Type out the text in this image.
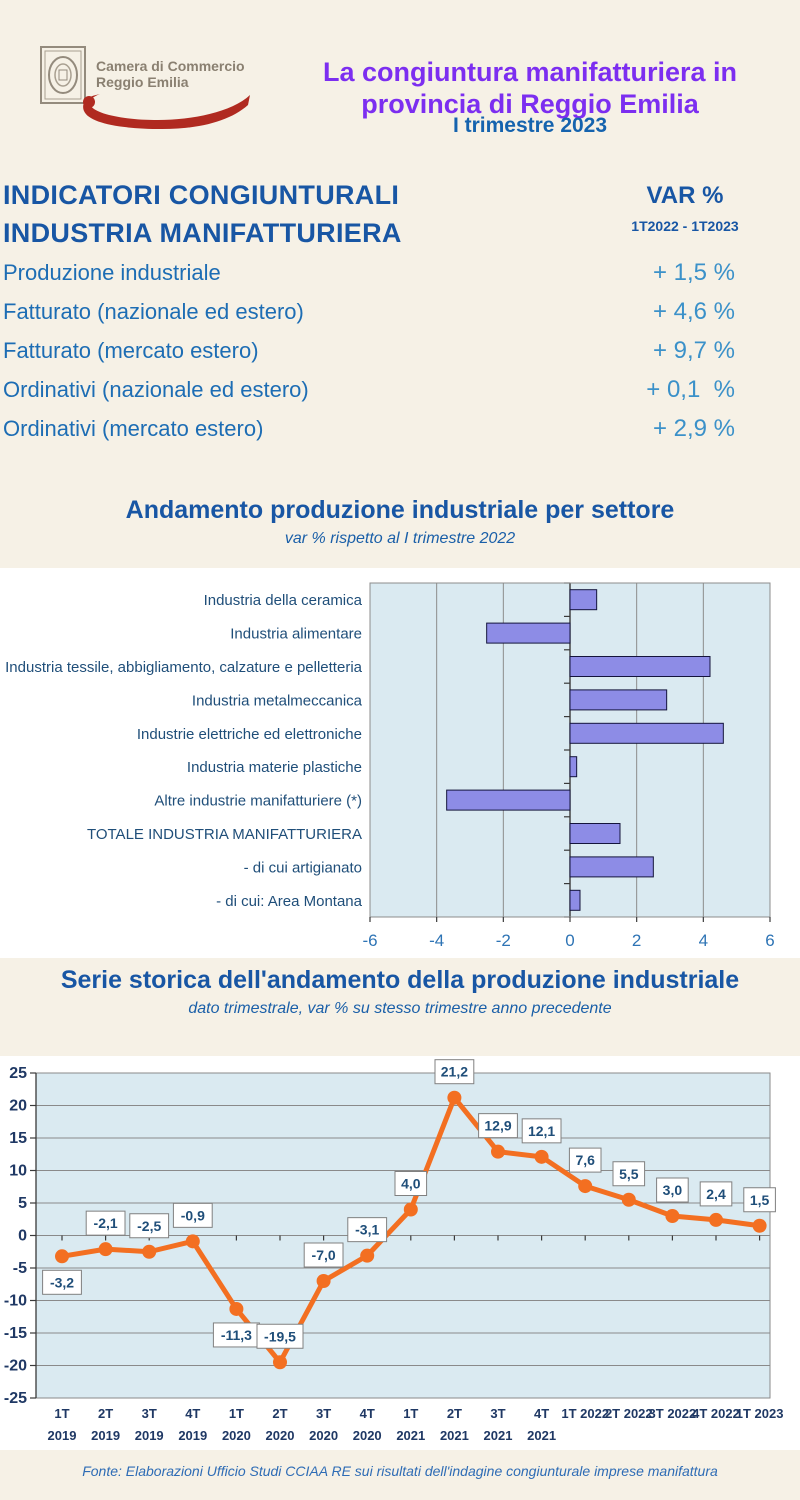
Camera di Commercio
Reggio Emilia	La congiuntura manifatturiera in
provincia di Reggio Emilia
I trimestre 2023
INDICATORI CONGIUNTURALI
INDUSTRIA MANIFATTURIERA
VAR %
1T2022 - 1T2023
Produzione industriale	+ 1,5 %
Fatturato (nazionale ed estero)	+ 4,6 %
Fatturato (mercato estero)	+ 9,7 %
Ordinativi (nazionale ed estero)	+ 0,1  %
Ordinativi (mercato estero)	+ 2,9 %
Andamento produzione industriale per settore
var % rispetto al I trimestre 2022
-6	-4	-2	0	2	4	6
Industria della ceramica
Industria alimentare
Industria tessile, abbigliamento, calzature e pelletteria
Industria metalmeccanica
Industrie elettriche ed elettroniche
Industria materie plastiche
Altre industrie manifatturiere (*)
TOTALE INDUSTRIA MANIFATTURIERA
- di cui artigianato
- di cui: Area Montana
Serie storica dell'andamento della produzione industriale
dato trimestrale, var % su stesso trimestre anno precedente
25
20
15
10
5
0
-5
-10
-15
-20
-25
-3,2
-2,1 -2,5
-0,9
-11,3 -19,5
-7,0
-3,1
4,0
21,2
12,9 12,1
7,6
5,5
3,0 2,4 1,5
1T
2019
2T
2019
3T
2019
4T
2019
1T
2020
2T
2020
3T
2020
4T
2020
1T
2021
2T
2021
3T
2021
4T
2021
1T 2022
2T 2022
3T 2022
4T 2022
1T 2023
Fonte: Elaborazioni Ufficio Studi CCIAA RE sui risultati dell'indagine congiunturale imprese manifattura
